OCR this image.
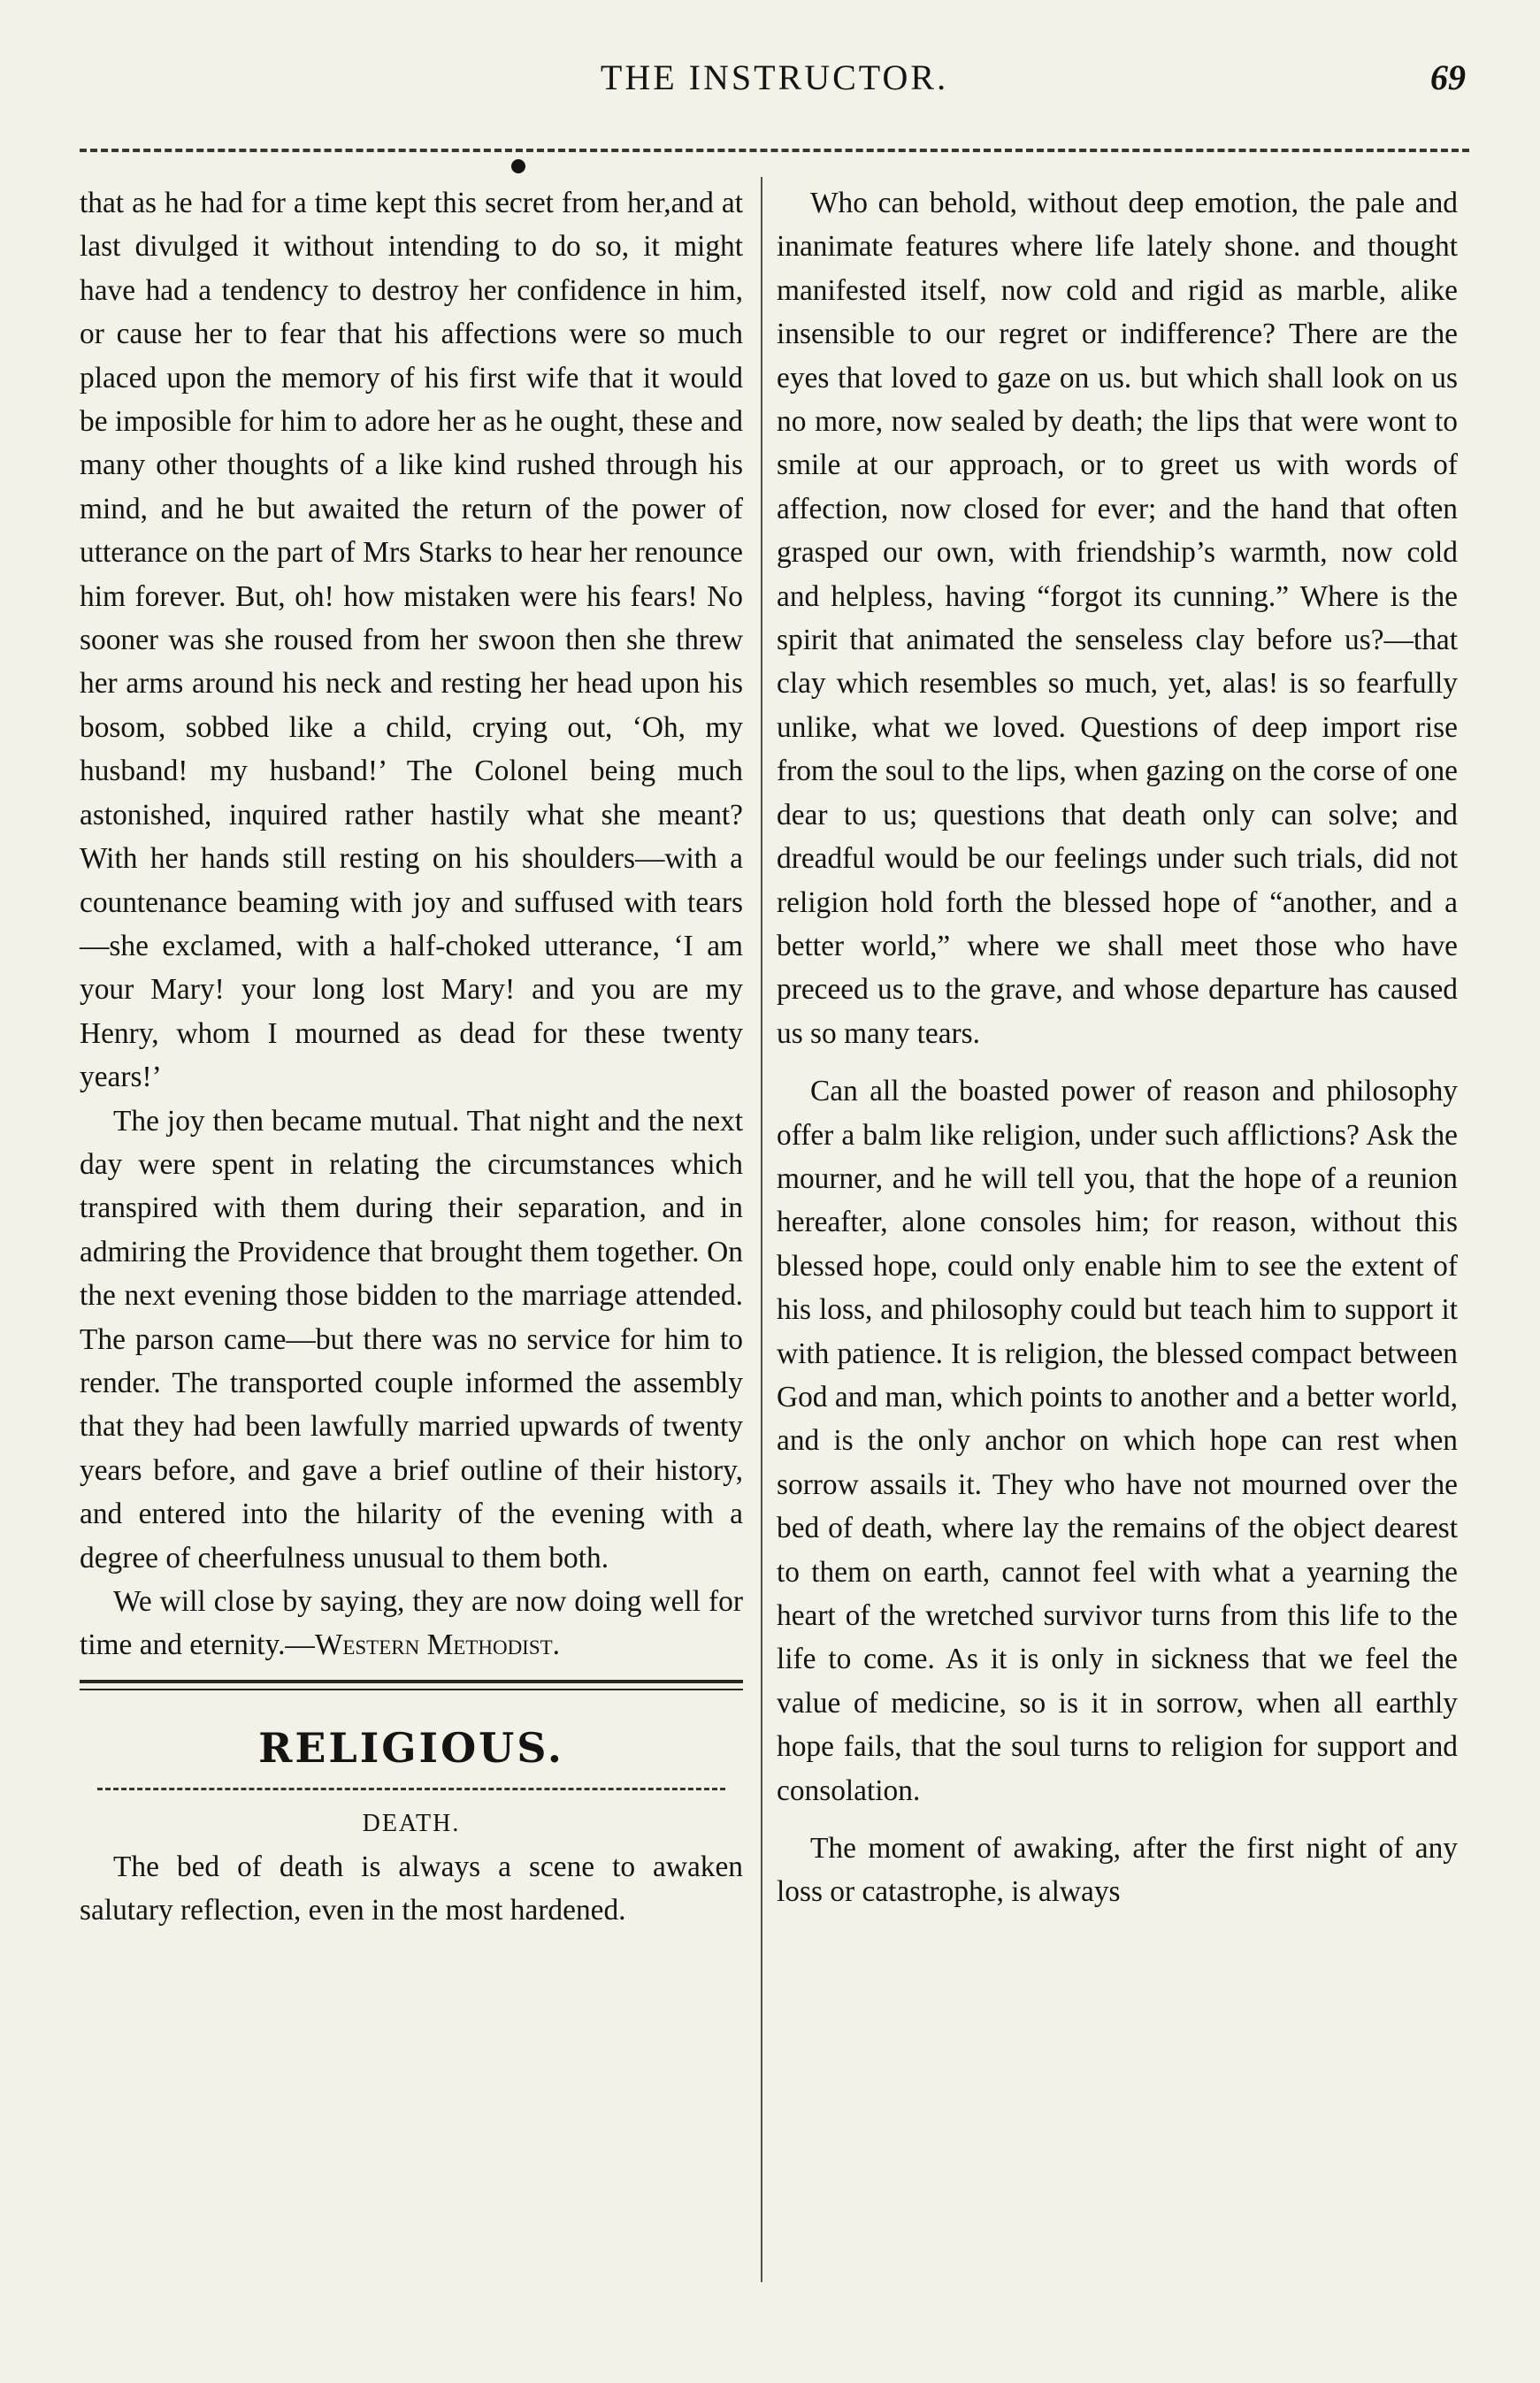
THE INSTRUCTOR.	69

that as he had for a time kept this secret from her,and at last divulged it without intending to do so, it might have had a tendency to destroy her confidence in him, or cause her to fear that his affections were so much placed upon the memory of his first wife that it would be imposible for him to adore her as he ought, these and many other thoughts of a like kind rushed through his mind, and he but awaited the return of the power of utterance on the part of Mrs Starks to hear her renounce him forever. But, oh! how mistaken were his fears! No sooner was she roused from her swoon then she threw her arms around his neck and resting her head upon his bosom, sobbed like a child, crying out, ‘Oh, my husband! my husband!’ The Colonel being much astonished, inquired rather hastily what she meant? With her hands still resting on his shoulders—with a countenance beaming with joy and suffused with tears—she exclamed, with a half-choked utterance, ‘I am your Mary! your long lost Mary! and you are my Henry, whom I mourned as dead for these twenty years!’

The joy then became mutual. That night and the next day were spent in relating the circumstances which transpired with them during their separation, and in admiring the Providence that brought them together. On the next evening those bidden to the marriage attended. The parson came—but there was no service for him to render. The transported couple informed the assembly that they had been lawfully married upwards of twenty years before, and gave a brief outline of their history, and entered into the hilarity of the evening with a degree of cheerfulness unusual to them both.

We will close by saying, they are now doing well for time and eternity.—Western Methodist.

RELIGIOUS.
DEATH.

The bed of death is always a scene to awaken salutary reflection, even in the most hardened.

Who can behold, without deep emotion, the pale and inanimate features where life lately shone. and thought manifested itself, now cold and rigid as marble, alike insensible to our regret or indifference? There are the eyes that loved to gaze on us. but which shall look on us no more, now sealed by death; the lips that were wont to smile at our approach, or to greet us with words of affection, now closed for ever; and the hand that often grasped our own, with friendship’s warmth, now cold and helpless, having “forgot its cunning.” Where is the spirit that animated the senseless clay before us?—that clay which resembles so much, yet, alas! is so fearfully unlike, what we loved. Questions of deep import rise from the soul to the lips, when gazing on the corse of one dear to us; questions that death only can solve; and dreadful would be our feelings under such trials, did not religion hold forth the blessed hope of “another, and a better world,” where we shall meet those who have preceed us to the grave, and whose departure has caused us so many tears.

Can all the boasted power of reason and philosophy offer a balm like religion, under such afflictions? Ask the mourner, and he will tell you, that the hope of a reunion hereafter, alone consoles him; for reason, without this blessed hope, could only enable him to see the extent of his loss, and philosophy could but teach him to support it with patience. It is religion, the blessed compact between God and man, which points to another and a better world, and is the only anchor on which hope can rest when sorrow assails it. They who have not mourned over the bed of death, where lay the remains of the object dearest to them on earth, cannot feel with what a yearning the heart of the wretched survivor turns from this life to the life to come. As it is only in sickness that we feel the value of medicine, so is it in sorrow, when all earthly hope fails, that the soul turns to religion for support and consolation.

The moment of awaking, after the first night of any loss or catastrophe, is always
